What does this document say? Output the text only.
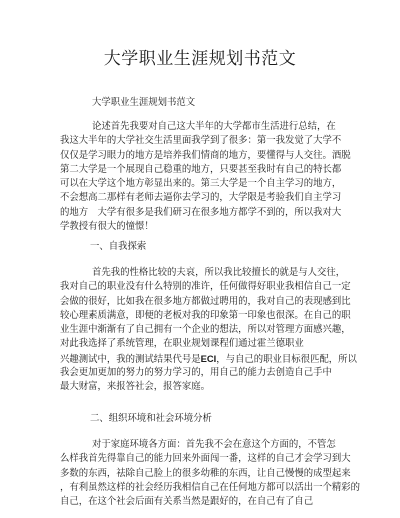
大学职业生涯规划书范文
大学职业生涯规划书范文
论述首先我要对自己这大半年的大学都市生活进行总结，在
我这大半年的大学社交生活里面我学到了很多：第一我发觉了大学不
仅仅是学习眼力的地方是培养我们情商的地方，要懂得与人交往。酒脱
第二大学是一个展现自己稳重的地方，只要甚至我时有自己的特长都
可以在大学这个地方彰显出来的。第三大学是一个自主学习的地方，
不会想高二那样有老师去逼你去学习的，大学限是考验我们自主学习
的地方　大学有很多是我们研习在很多地方都学不到的，所以我对大
学教授有很大的憧憬！
一、自我探索
首先我的性格比较的夫哀，所以我比较擅长的就是与人交往，
我对自己的职业没有什么特别的准许，任何做得好职业我相信自己一定
会做的很好，比如我在很多地方都做过聘用的，我对自己的表现感到比
较心理素质满意，即便的老板对我的印象第一印象也很深。在自己的职
业生涯中渐渐有了自己拥有一个企业的想法，所以对管理方面感兴趣，
对此我选择了系统管理，在职业规划课程们通过霍兰德职业
兴趣测试中，我的测试结果代号是ECI，与自己的职业目标很匹配，所以
我会更加更加的努力的努力学习的，用自己的能力去创造自己手中
最大财富，来报答社会，报答家庭。
二、组织环境和社会环境分析
对于家庭环境各方面：首先我不会在意这个方面的，不管怎
么样我首先得靠自己的能力回来外面闯一番，这样的自己才会学习到大
多数的东西，祛除自己脸上的很多幼稚的东西，让自己慢慢的成型起来
，有利虽然这样的社会经历我相信自己在任何地方都可以活出一个精彩的
自己，在这个社会后面有关系当然是跟好的，在自己有了自己
